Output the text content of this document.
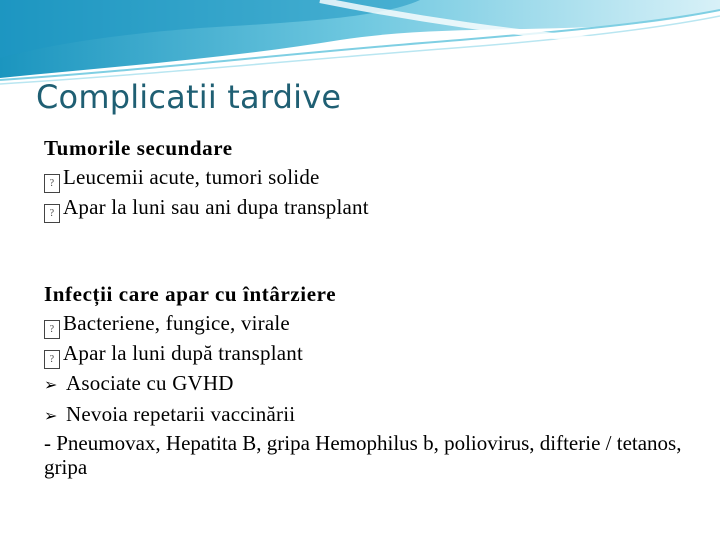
Complicatii tardive
Tumorile secundare
? Leucemii acute, tumori solide
? Apar la luni sau ani dupa transplant
Infecții care apar cu întârziere
? Bacteriene, fungice, virale
? Apar la luni după transplant
➢ Asociate cu GVHD
➢ Nevoia repetarii vaccinării
- Pneumovax, Hepatita B, gripa Hemophilus b, poliovirus, difterie / tetanos, gripa
